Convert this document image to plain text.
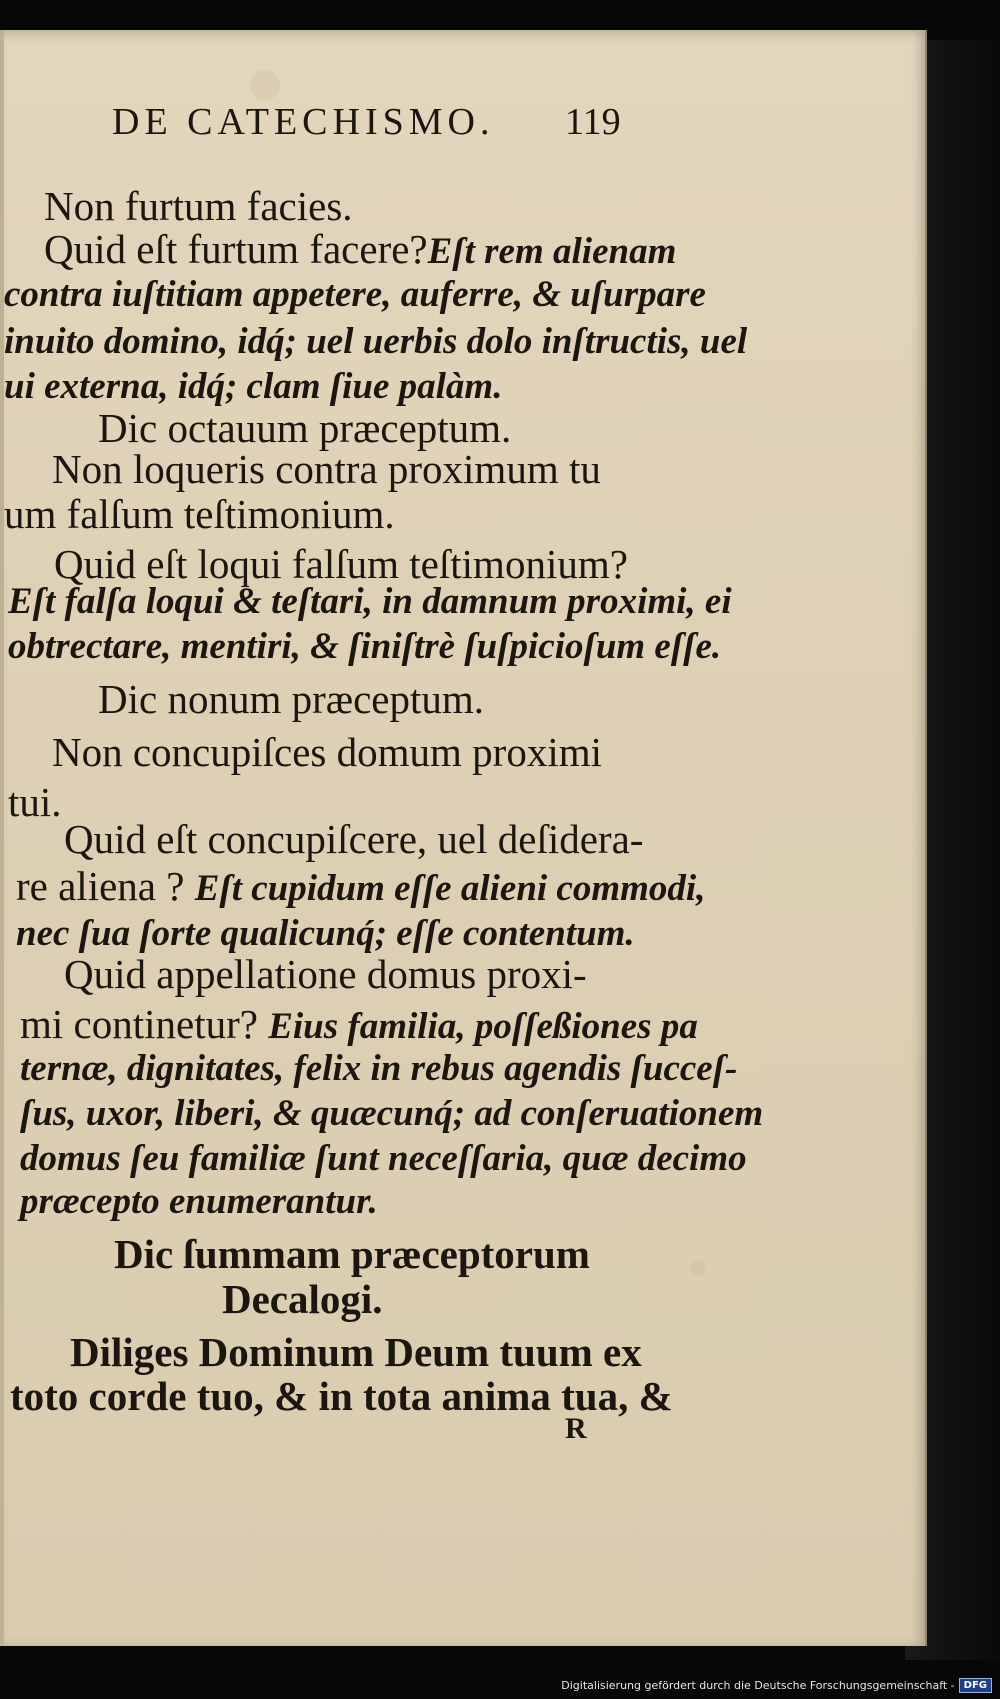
DE CATECHISMO. 119
Non furtum facies.
Quid eſt furtum facere?Eſt rem alienam
contra iuſtitiam appetere, auferre, & uſurpare
inuito domino, idq́; uel uerbis dolo inſtructis, uel
ui externa, idq́; clam ſiue palàm.
Dic octauum præceptum.
Non loqueris contra proximum tu
um falſum teſtimonium.
Quid eſt loqui falſum teſtimonium?
Eſt falſa loqui & teſtari, in damnum proximi, ei
obtrectare, mentiri, & ſiniſtrè ſuſpicioſum eſſe.
Dic nonum præceptum.
Non concupiſces domum proximi
tui.
Quid eſt concupiſcere, uel deſidera-
re aliena ? Eſt cupidum eſſe alieni commodi,
nec ſua ſorte qualicunq́; eſſe contentum.
Quid appellatione domus proxi-
mi continetur? Eius familia, poſſeßiones pa
ternæ, dignitates, felix in rebus agendis ſucceſ-
ſus, uxor, liberi, & quæcunq́; ad conſeruationem
domus ſeu familiæ ſunt neceſſaria, quæ decimo
præcepto enumerantur.
Dic ſummam præceptorum
Decalogi.
Diliges Dominum Deum tuum ex
toto corde tuo, & in tota anima tua, &
R
Digitalisierung gefördert durch die Deutsche Forschungsgemeinschaft - DFG
